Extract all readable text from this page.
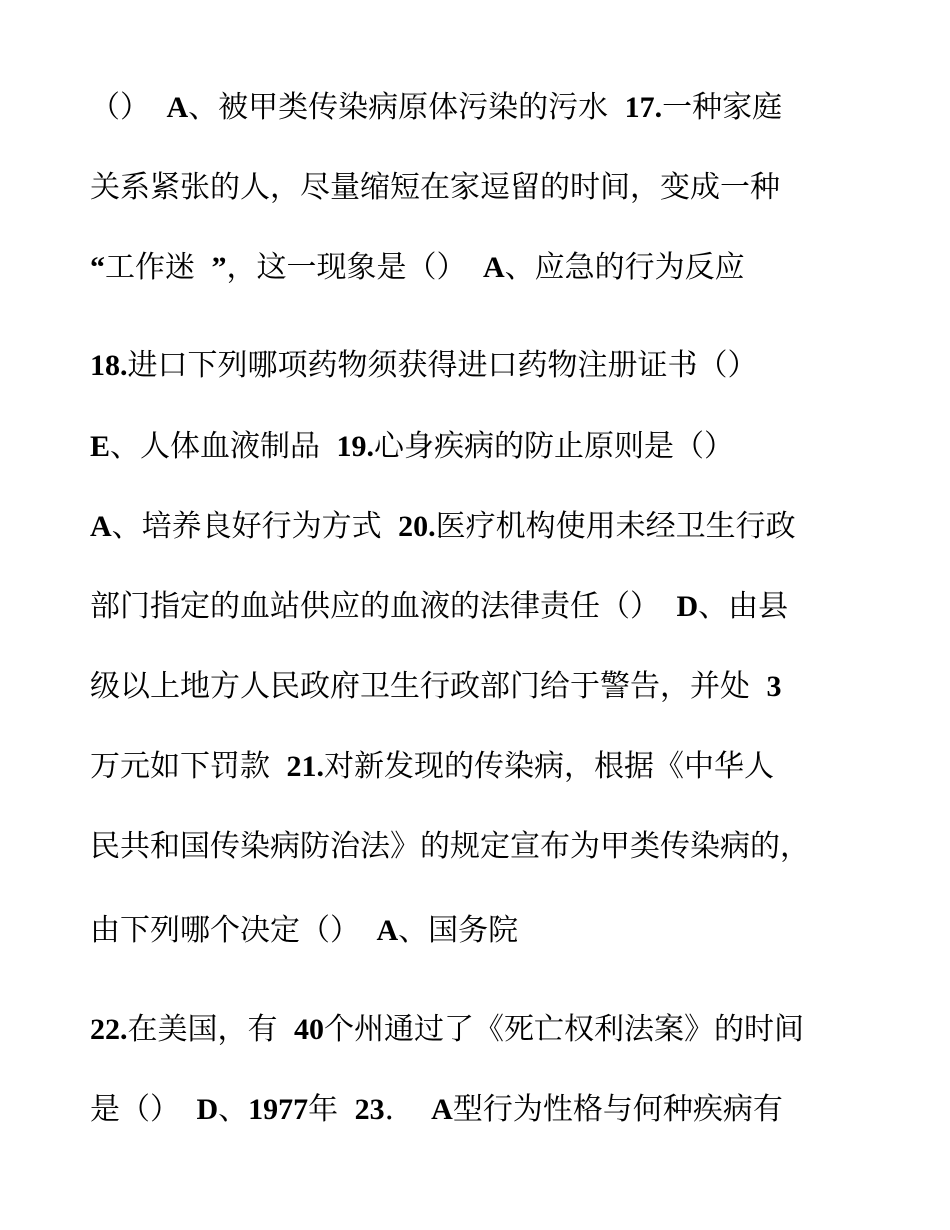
（） A、被甲类传染病原体污染的污水 17.一种家庭
关系紧张的人，尽量缩短在家逗留的时间，变成一种
“工作迷 ”，这一现象是（） A、应急的行为反应
18.进口下列哪项药物须获得进口药物注册证书（）
E、人体血液制品 19.心身疾病的防止原则是（）
A、培养良好行为方式 20.医疗机构使用未经卫生行政
部门指定的血站供应的血液的法律责任（） D、由县
级以上地方人民政府卫生行政部门给于警告，并处 3
万元如下罚款 21.对新发现的传染病，根据《中华人
民共和国传染病防治法》的规定宣布为甲类传染病的，
由下列哪个决定（） A、国务院
22.在美国，有 40个州通过了《死亡权利法案》的时间
是（） D、1977年 23． A型行为性格与何种疾病有
